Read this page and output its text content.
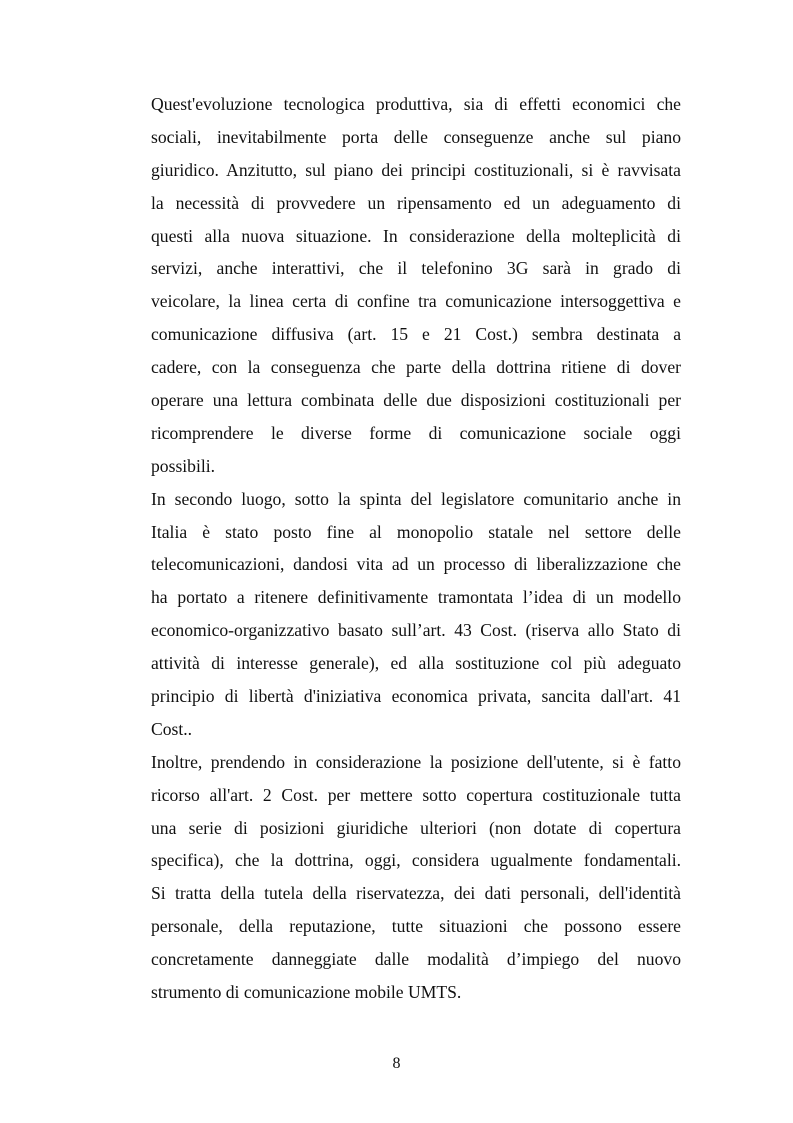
Quest'evoluzione tecnologica produttiva, sia di effetti economici che
sociali, inevitabilmente porta delle conseguenze anche sul piano
giuridico. Anzitutto, sul piano dei principi costituzionali, si è ravvisata
la necessità di provvedere un ripensamento ed un adeguamento di
questi alla nuova situazione. In considerazione della molteplicità di
servizi, anche interattivi, che il telefonino 3G sarà in grado di
veicolare, la linea certa di confine tra comunicazione intersoggettiva e
comunicazione diffusiva (art. 15 e 21 Cost.) sembra destinata a
cadere, con la conseguenza che parte della dottrina ritiene di dover
operare una lettura combinata delle due disposizioni costituzionali per
ricomprendere le diverse forme di comunicazione sociale oggi
possibili.
In secondo luogo, sotto la spinta del legislatore comunitario anche in
Italia è stato posto fine al monopolio statale nel settore delle
telecomunicazioni, dandosi vita ad un processo di liberalizzazione che
ha portato a ritenere definitivamente tramontata l’idea di un modello
economico-organizzativo basato sull’art. 43 Cost. (riserva allo Stato di
attività di interesse generale), ed alla sostituzione col più adeguato
principio di libertà d'iniziativa economica privata, sancita dall'art. 41
Cost..
Inoltre, prendendo in considerazione la posizione dell'utente, si è fatto
ricorso all'art. 2 Cost. per mettere sotto copertura costituzionale tutta
una serie di posizioni giuridiche ulteriori (non dotate di copertura
specifica), che la dottrina, oggi, considera ugualmente fondamentali.
Si tratta della tutela della riservatezza, dei dati personali, dell'identità
personale, della reputazione, tutte situazioni che possono essere
concretamente danneggiate dalle modalità d’impiego del nuovo
strumento di comunicazione mobile UMTS.
8
